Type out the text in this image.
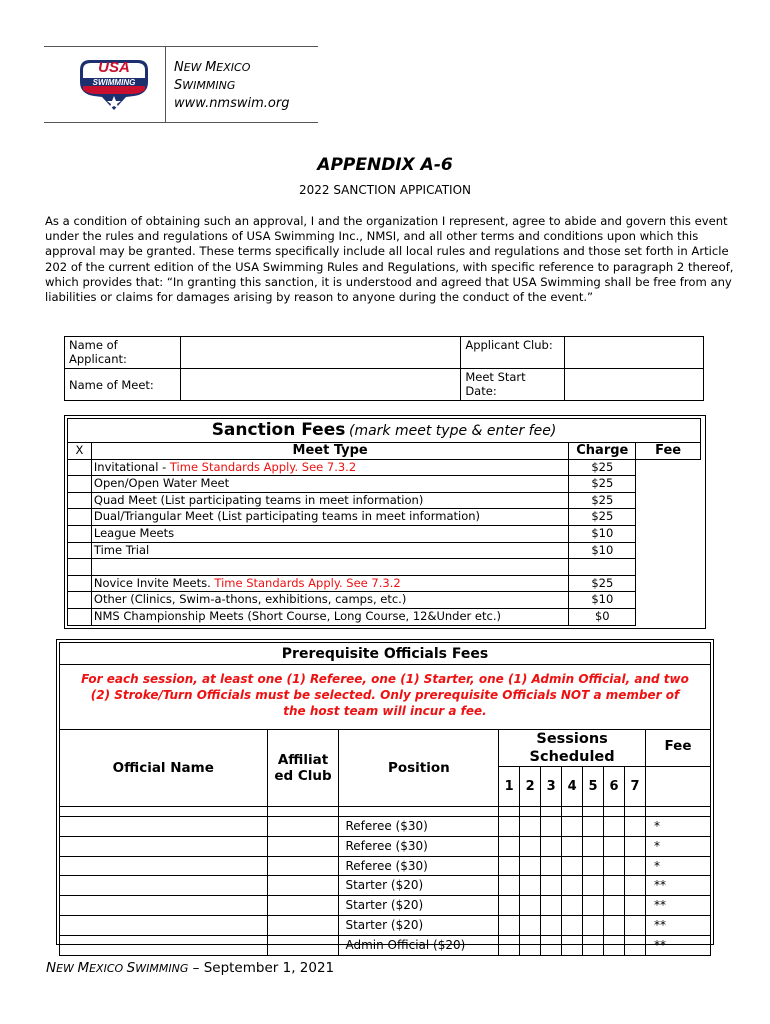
USA
SWIMMING
NEW MEXICO
SWIMMING
www.nmswim.org
APPENDIX A-6
2022 SANCTION APPICATION
As a condition of obtaining such an approval, I and the organization I represent, agree to abide and govern this event under the rules and regulations of USA Swimming Inc., NMSI, and all other terms and conditions upon which this approval may be granted. These terms specifically include all local rules and regulations and those set forth in Article 202 of the current edition of the USA Swimming Rules and Regulations, with specific reference to paragraph 2 thereof, which provides that: “In granting this sanction, it is understood and agreed that USA Swimming shall be free from any liabilities or claims for damages arising by reason to anyone during the conduct of the event.”
Name of Applicant:		Applicant Club:	
Name of Meet:		Meet Start Date:	
Sanction Fees (mark meet type & enter fee)			
X	Meet Type	Charge	Fee
	Invitational - Time Standards Apply. See 7.3.2	$25	
	Open/Open Water Meet	$25	
	Quad Meet (List participating teams in meet information)	$25	
	Dual/Triangular Meet (List participating teams in meet information)	$25	
	League Meets	$10	
	Time Trial	$10	

	Novice Invite Meets. Time Standards Apply. See 7.3.2	$25	
	Other (Clinics, Swim-a-thons, exhibitions, camps, etc.)	$10	
	NMS Championship Meets (Short Course, Long Course, 12&Under etc.)	$0	
Prerequisite Officials Fees										
For each session, at least one (1) Referee, one (1) Starter, one (1) Admin Official, and two (2) Stroke/Turn Officials must be selected. Only prerequisite Officials NOT a member of the host team will incur a fee.										
Official Name	Affiliat ed Club	Position	Sessions Scheduled							Fee
			1	2	3	4	5	6	7	

		Referee ($30)								*
		Referee ($30)								*
		Referee ($30)								*
		Starter ($20)								**
		Starter ($20)								**
		Starter ($20)								**
		Admin Official ($20)								**
NEW MEXICO SWIMMING – September 1, 2021
